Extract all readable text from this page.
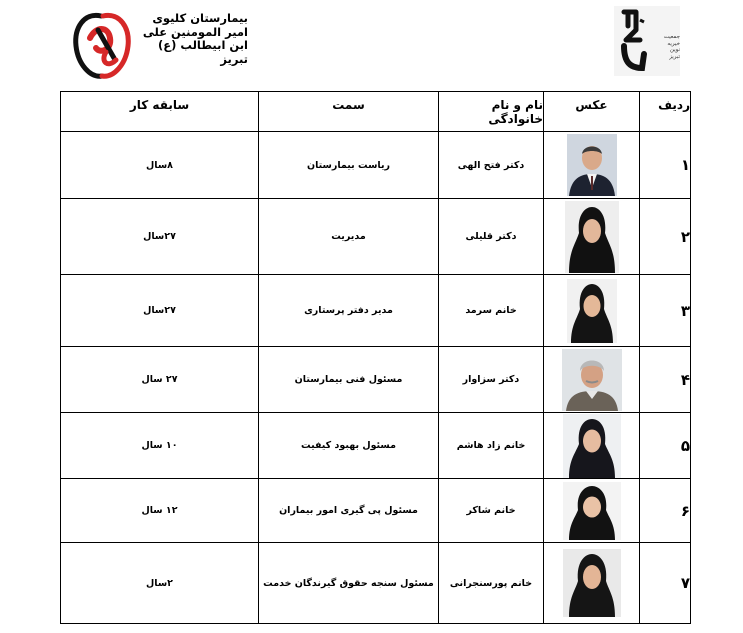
بیمارستان کلیوی
امیر المومنین علی
ابن ابیطالب (ع)
تبریز
جمعیت
خیریه
نوین
تبریز
ردیف	عکس	نام و نام خانوادگی	سمت	سابقه کار
۱		دکتر فتح الهی	ریاست بیمارستان	۸سال
۲		دکتر قلیلی	مدیریت	۲۷سال
۳		خانم سرمد	مدیر دفتر پرستاری	۲۷سال
۴		دکتر سزاوار	مسئول فنی بیمارستان	۲۷ سال
۵		خانم زاد هاشم	مسئول بهبود کیفیت	۱۰ سال
۶		خانم شاکر	مسئول پی گیری امور بیماران	۱۲ سال
۷		خانم پورسنجرانی	مسئول سنجه حقوق گیرندگان خدمت	۲سال
